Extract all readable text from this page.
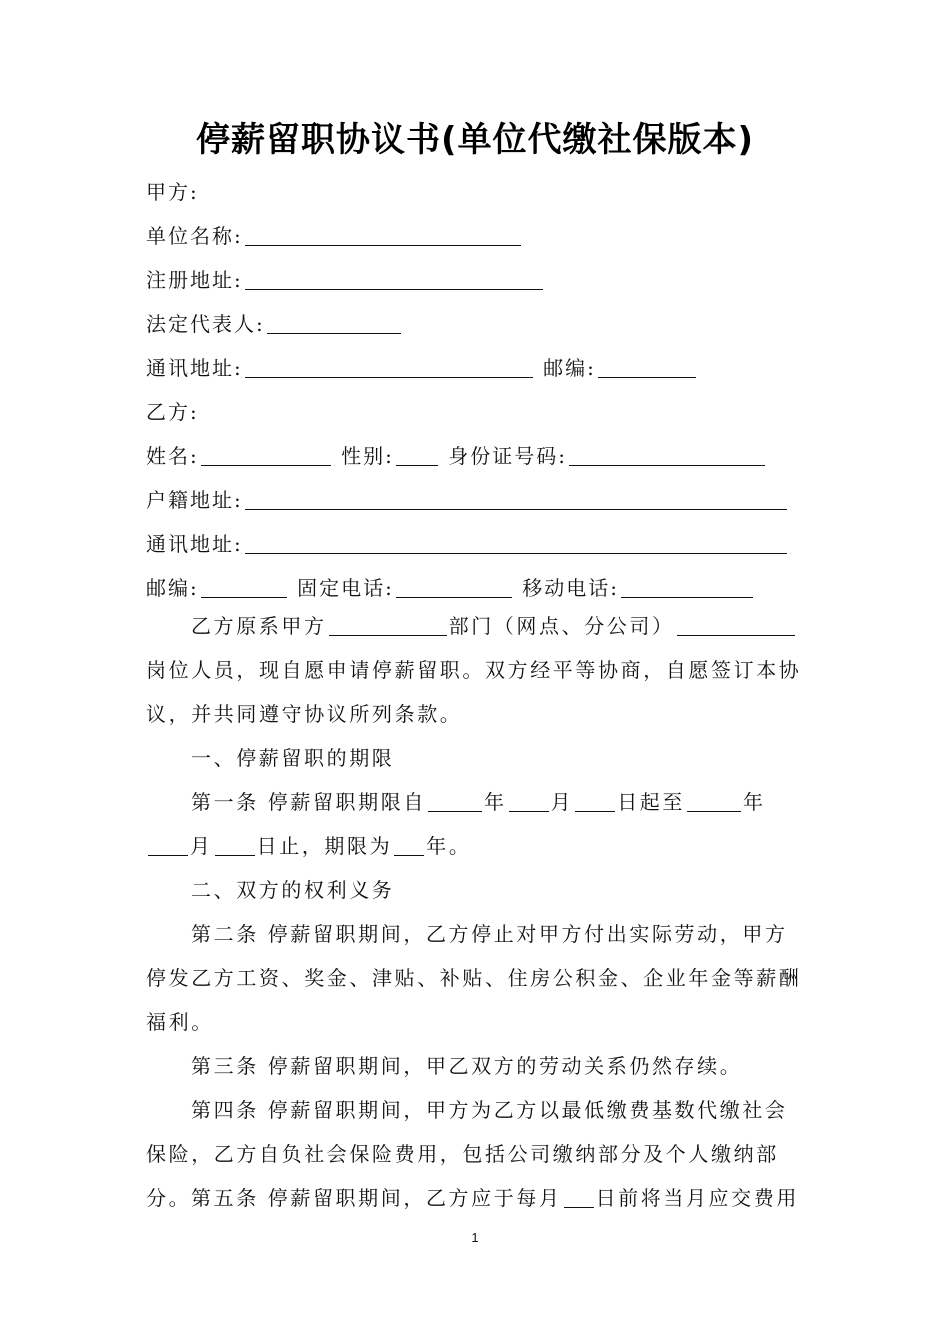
停薪留职协议书(单位代缴社保版本)
甲方:
单位名称:
注册地址:
法定代表人:
通讯地址:	邮编:
乙方:
姓名:	性别:	身份证号码:
户籍地址:
通讯地址:
邮编:	固定电话:	移动电话:
乙方原系甲方	部门（网点、分公司）岗位人员，现自愿申请停薪留职。双方经平等协商，自愿签订本协议，并共同遵守协议所列条款。
一、停薪留职的期限
第一条 停薪留职期限自	年 月 日起至	年月 日止，期限为 年。
二、双方的权利义务
第二条 停薪留职期间，乙方停止对甲方付出实际劳动，甲方停发乙方工资、奖金、津贴、补贴、住房公积金、企业年金等薪酬福利。
第三条 停薪留职期间，甲乙双方的劳动关系仍然存续。
第四条 停薪留职期间，甲方为乙方以最低缴费基数代缴社会保险，乙方自负社会保险费用，包括公司缴纳部分及个人缴纳部分。 第五条 停薪留职期间，乙方应于每月 日前将当月应交费用
1
